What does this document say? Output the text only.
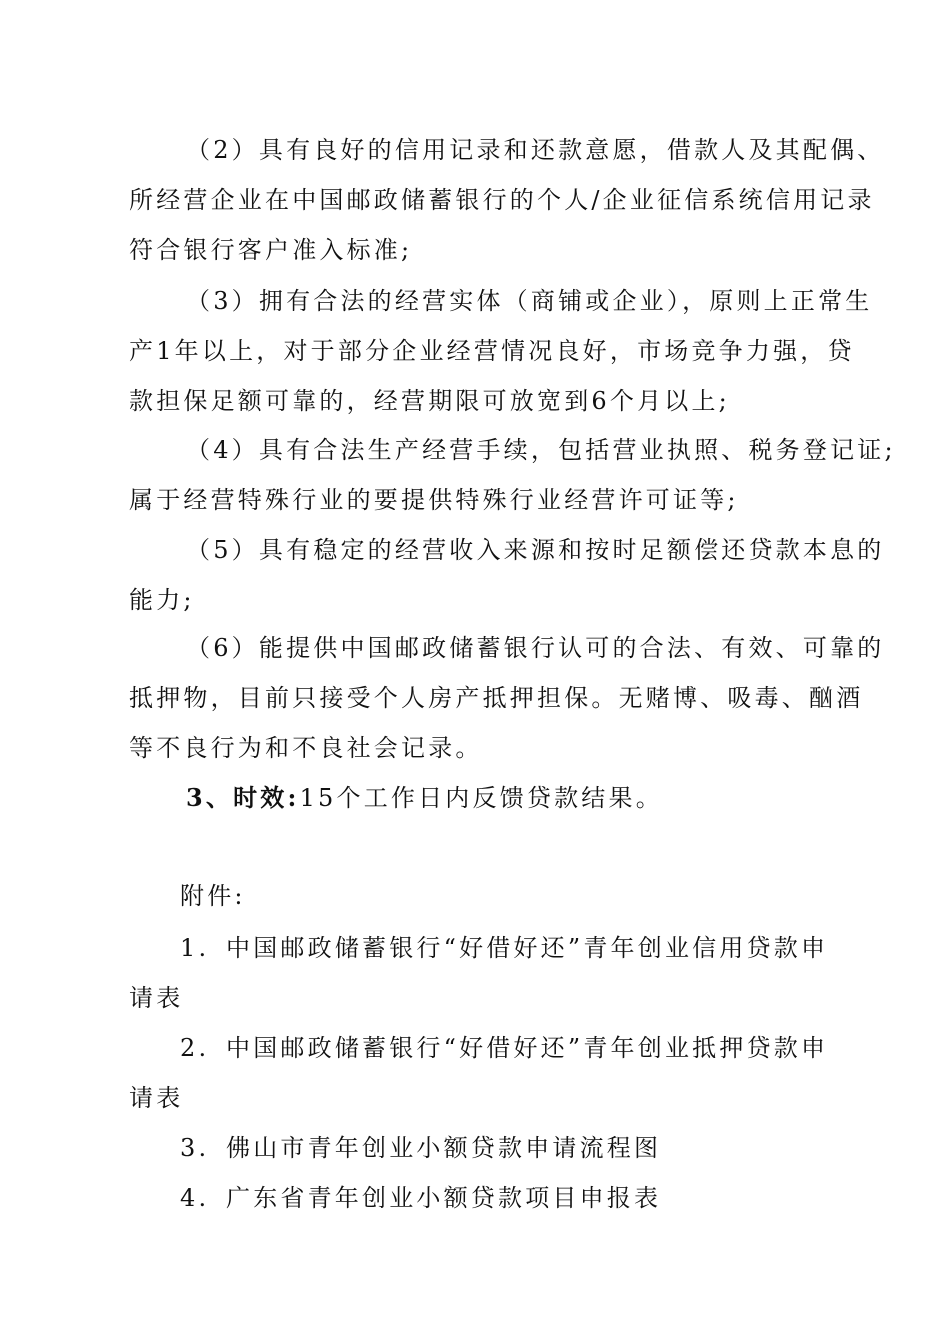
（2）具有良好的信用记录和还款意愿，借款人及其配偶、
所经营企业在中国邮政储蓄银行的个人/企业征信系统信用记录
符合银行客户准入标准;
（3）拥有合法的经营实体（商铺或企业），原则上正常生
产1年以上，对于部分企业经营情况良好，市场竞争力强，贷
款担保足额可靠的，经营期限可放宽到6个月以上;
（4）具有合法生产经营手续，包括营业执照、税务登记证;
属于经营特殊行业的要提供特殊行业经营许可证等;
（5）具有稳定的经营收入来源和按时足额偿还贷款本息的
能力;
（6）能提供中国邮政储蓄银行认可的合法、有效、可靠的
抵押物，目前只接受个人房产抵押担保。无赌博、吸毒、酗酒
等不良行为和不良社会记录。
3、时效:15个工作日内反馈贷款结果。
附件:
1. 中国邮政储蓄银行“好借好还”青年创业信用贷款申
请表
2. 中国邮政储蓄银行“好借好还”青年创业抵押贷款申
请表
3. 佛山市青年创业小额贷款申请流程图
4. 广东省青年创业小额贷款项目申报表
